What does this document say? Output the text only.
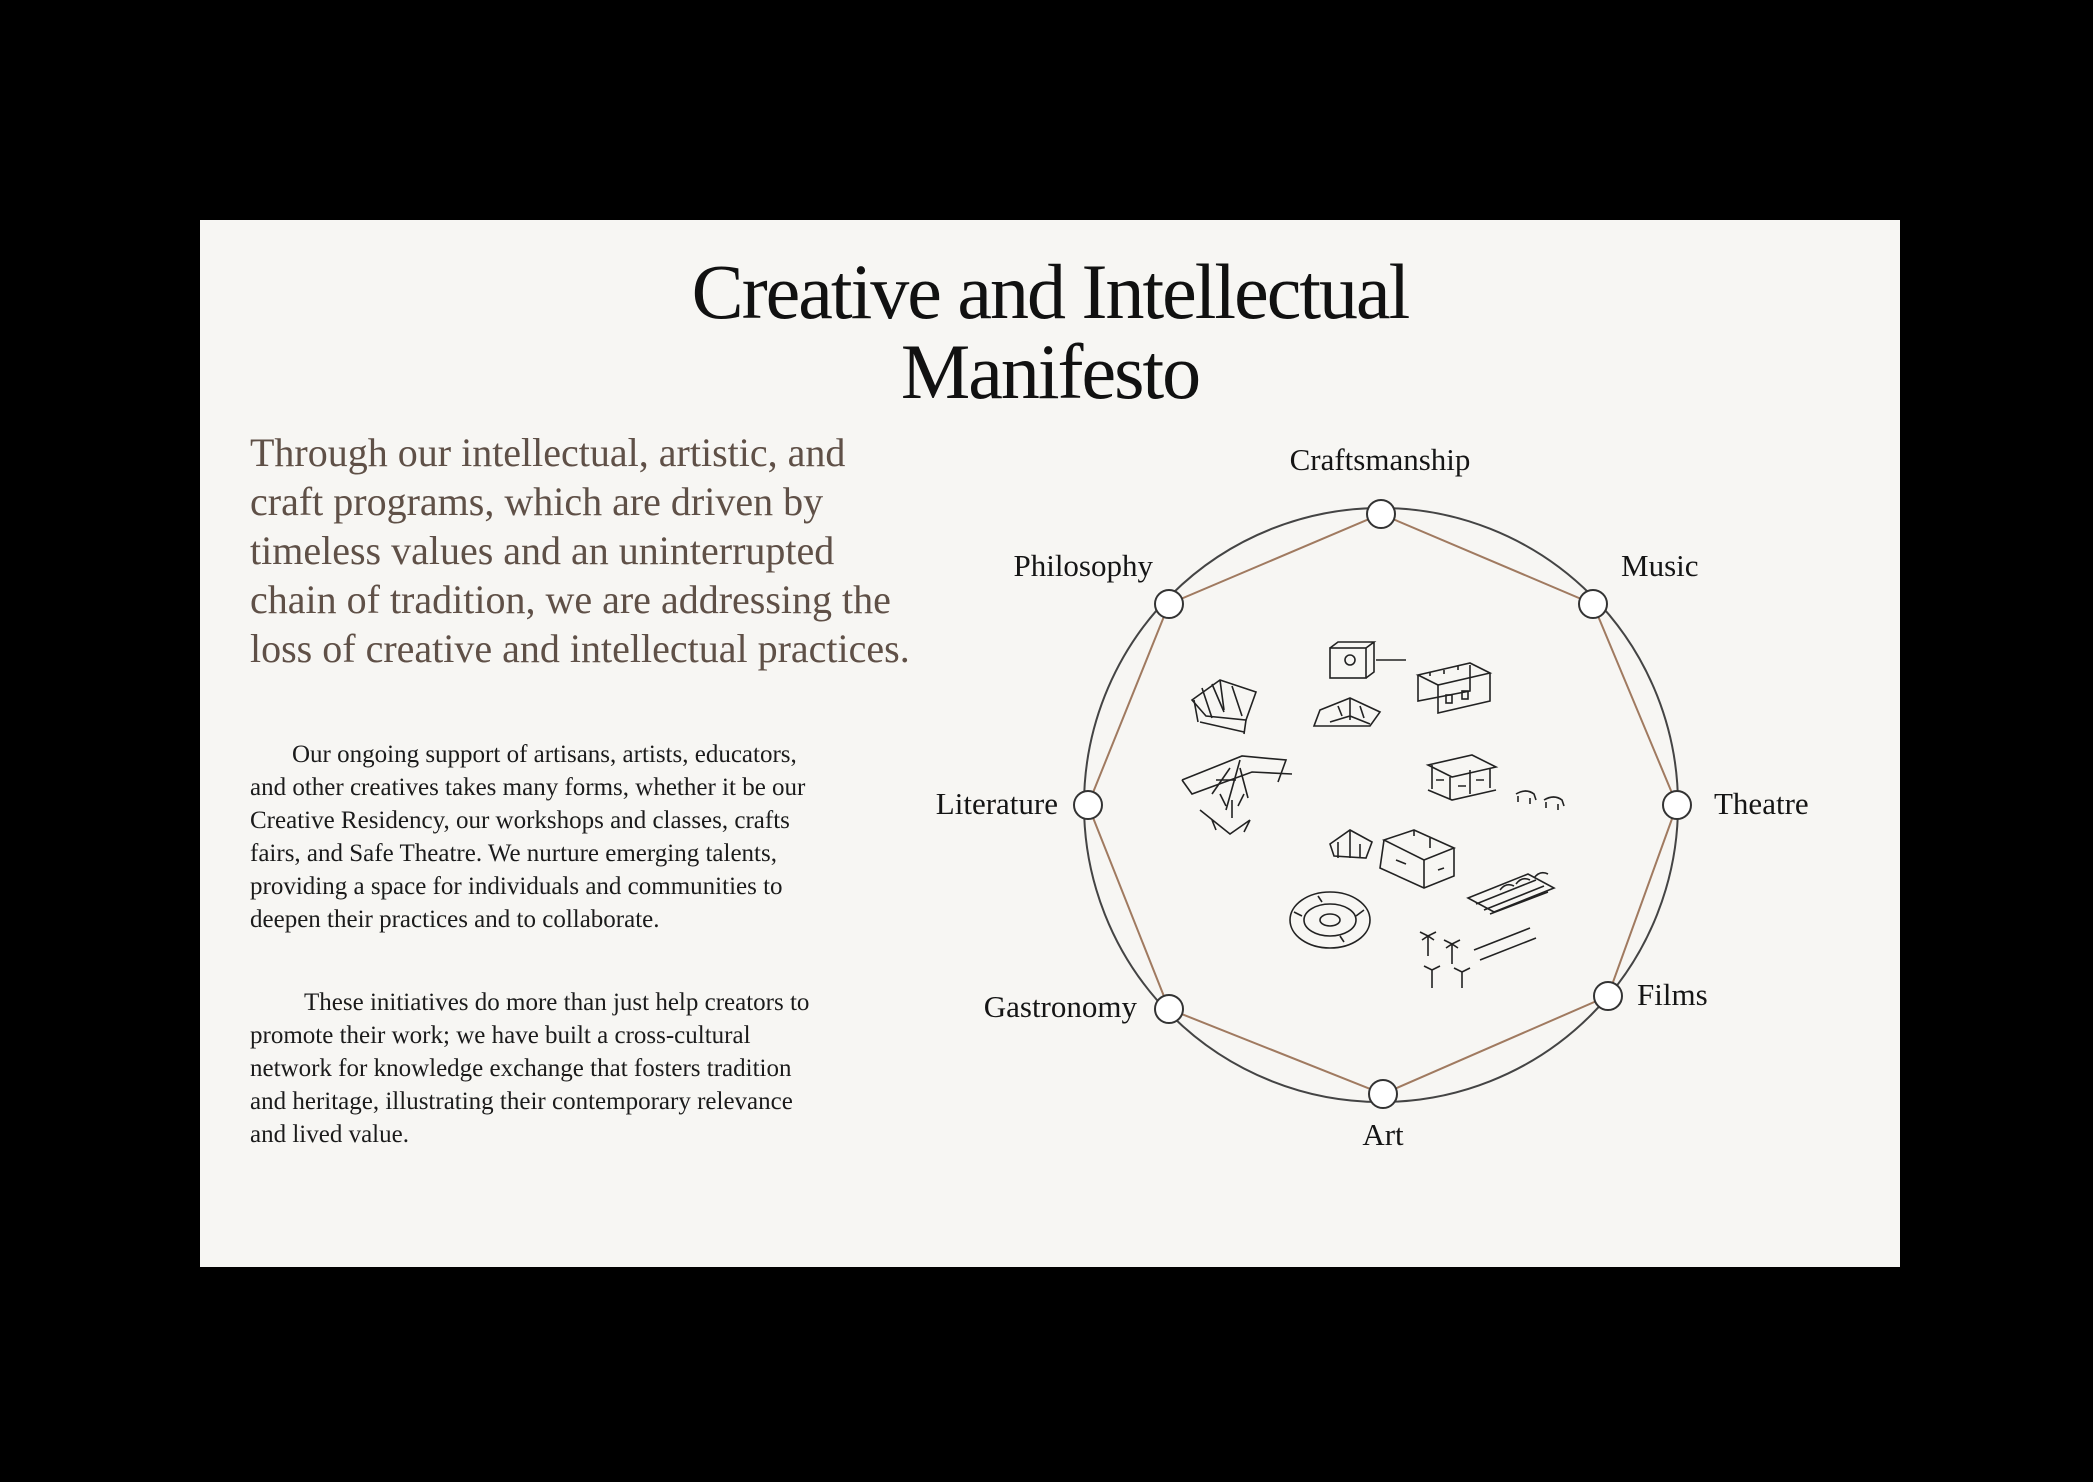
Creative and Intellectual
Manifesto
Through our intellectual, artistic, and craft programs, which are driven by timeless values and an uninterrupted chain of tradition, we are addressing the loss of creative and intellectual practices.
Our ongoing support of artisans, artists, educators, and other creatives takes many forms, whether it be our Creative Residency, our workshops and classes, crafts fairs, and Safe Theatre. We nurture emerging talents, providing a space for individuals and communities to deepen their practices and to collaborate.
These initiatives do more than just help creators to promote their work; we have built a cross-cultural network for knowledge exchange that fosters tradition and heritage, illustrating their contemporary relevance and lived value.
Craftsmanship
Music
Theatre
Films
Art
Gastronomy
Literature
Philosophy
